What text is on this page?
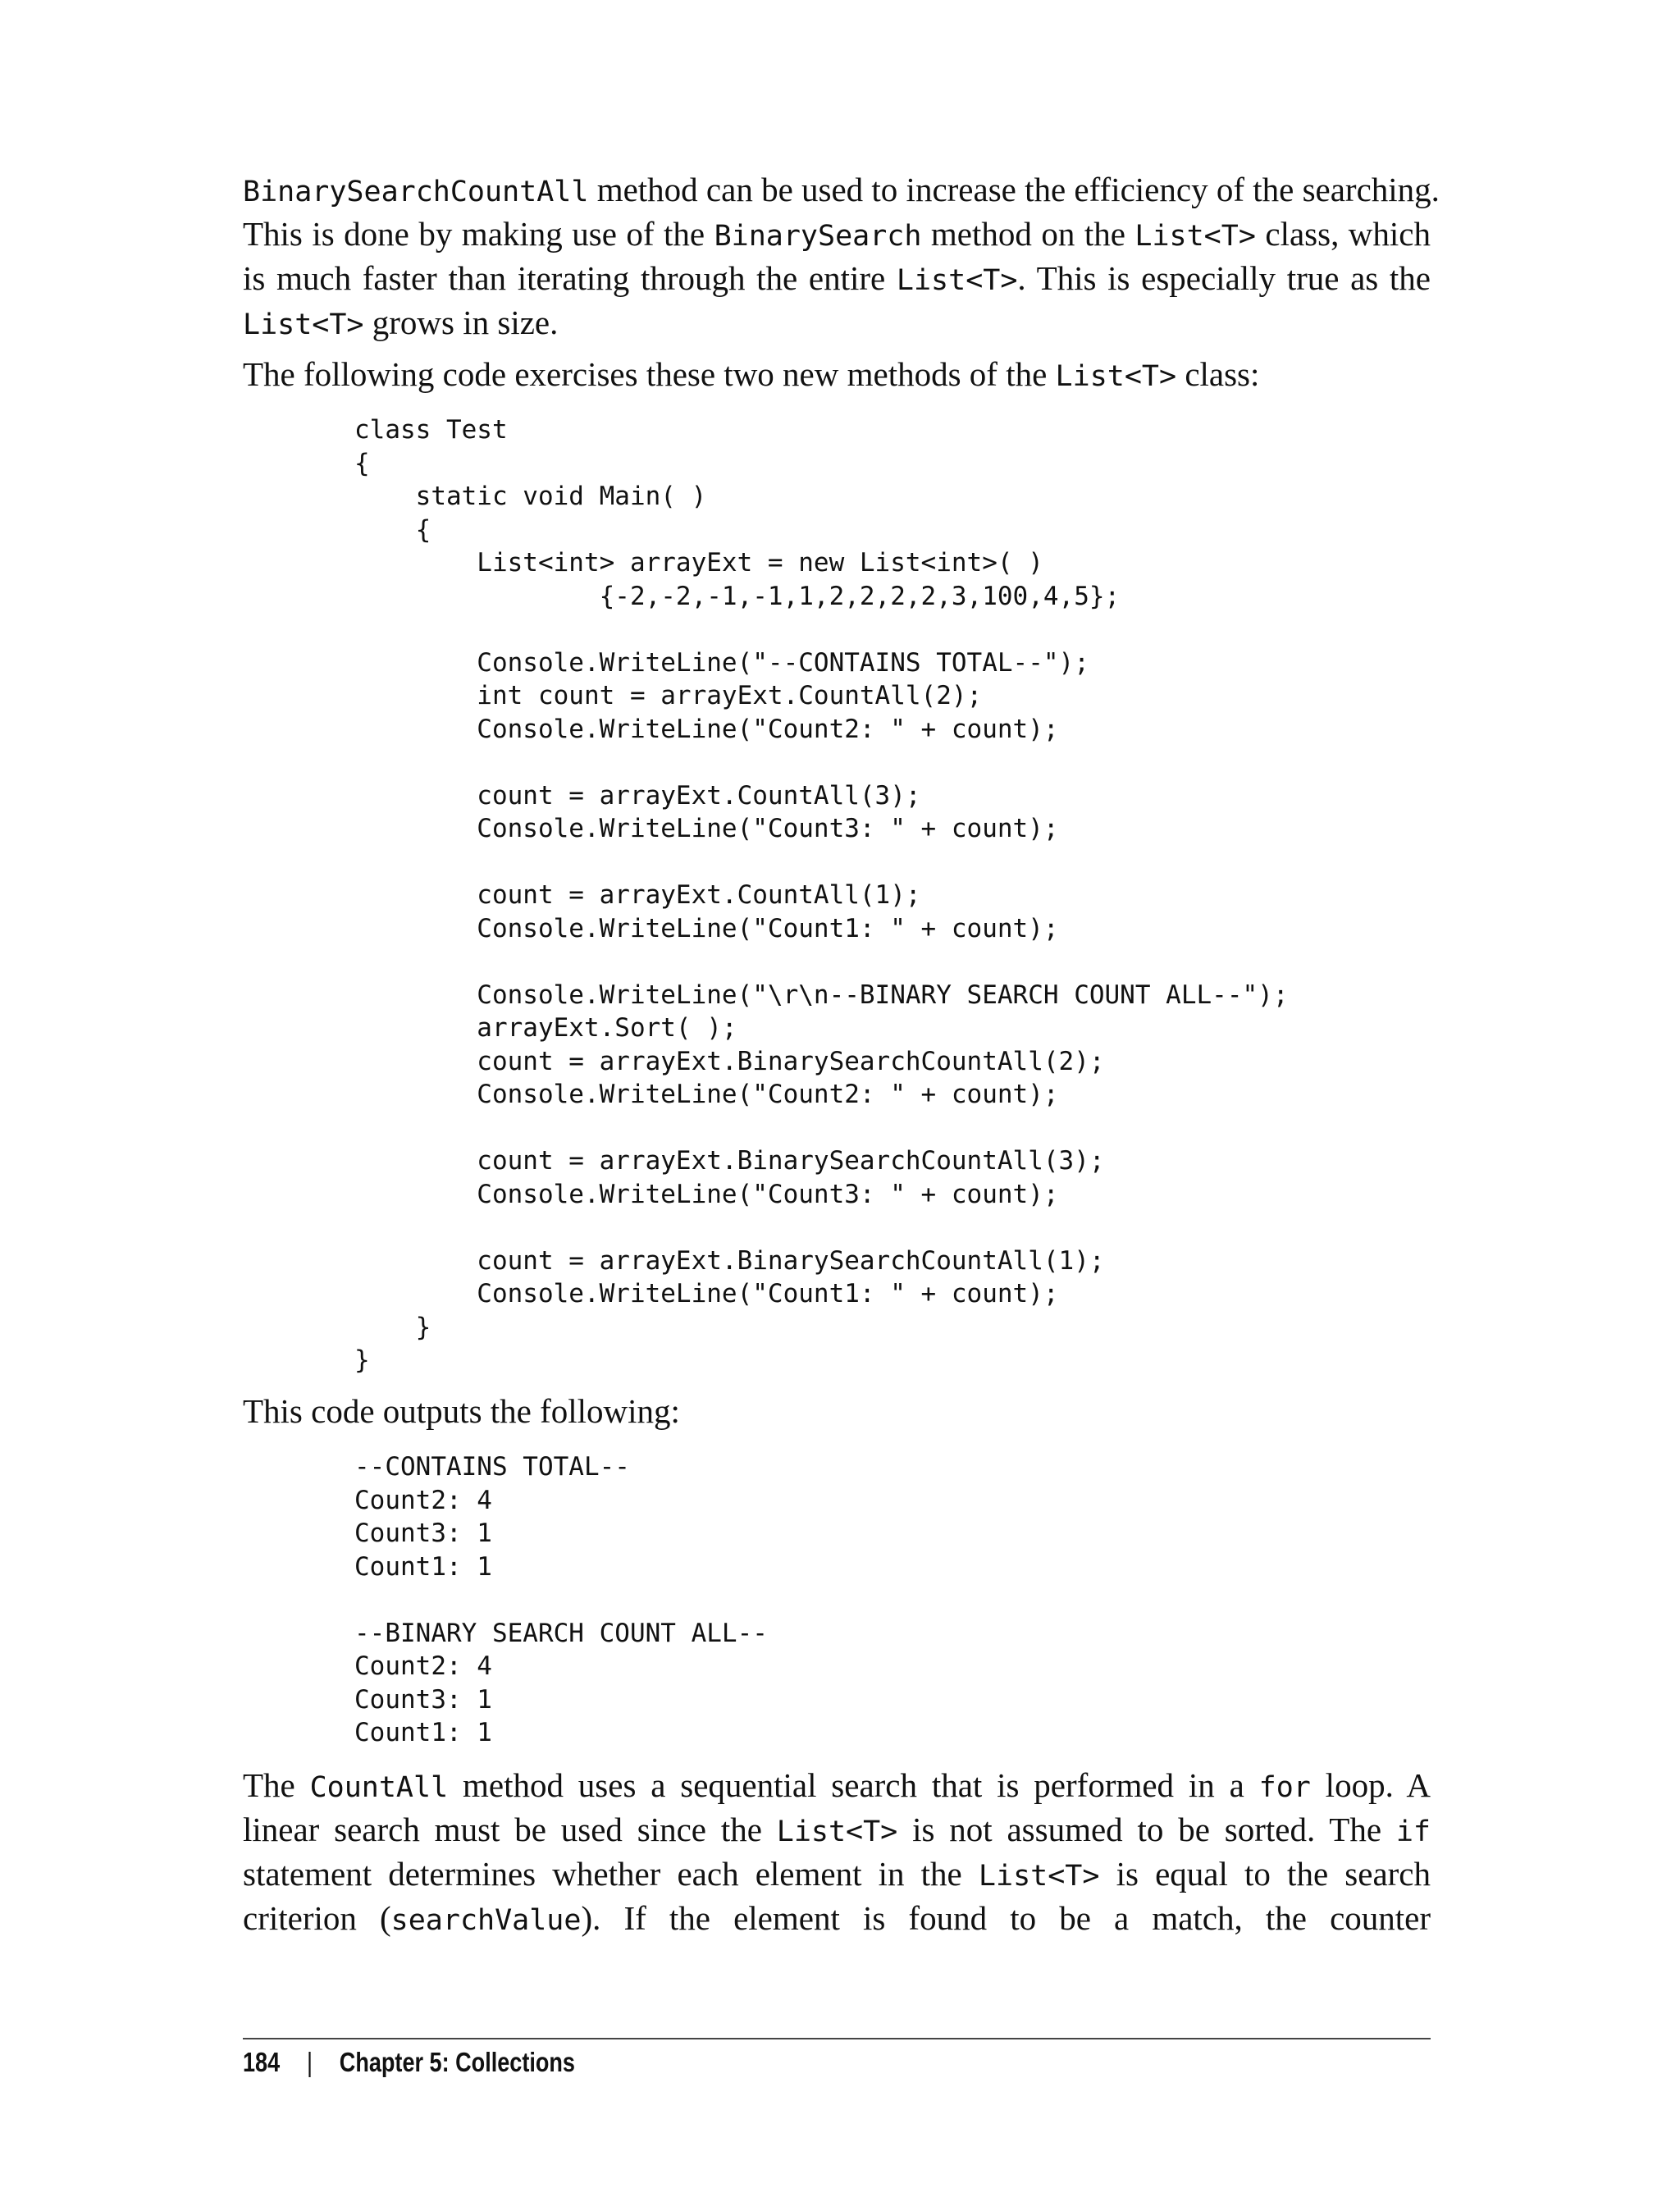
BinarySearchCountAll method can be used to increase the efficiency of the searching.
This is done by making use of the BinarySearch method on the List<T> class, which
is much faster than iterating through the entire List<T>. This is especially true as the
List<T> grows in size.
The following code exercises these two new methods of the List<T> class:
class Test
{
static void Main( )
{
List<int> arrayExt = new List<int>( )
{-2,-2,-1,-1,1,2,2,2,2,3,100,4,5};

Console.WriteLine("--CONTAINS TOTAL--");
int count = arrayExt.CountAll(2);
Console.WriteLine("Count2: " + count);

count = arrayExt.CountAll(3);
Console.WriteLine("Count3: " + count);

count = arrayExt.CountAll(1);
Console.WriteLine("Count1: " + count);

Console.WriteLine("\r\n--BINARY SEARCH COUNT ALL--");
arrayExt.Sort( );
count = arrayExt.BinarySearchCountAll(2);
Console.WriteLine("Count2: " + count);

count = arrayExt.BinarySearchCountAll(3);
Console.WriteLine("Count3: " + count);

count = arrayExt.BinarySearchCountAll(1);
Console.WriteLine("Count1: " + count);
}
}
This code outputs the following:
--CONTAINS TOTAL--
Count2: 4
Count3: 1
Count1: 1

--BINARY SEARCH COUNT ALL--
Count2: 4
Count3: 1
Count1: 1
The CountAll method uses a sequential search that is performed in a for loop. A
linear search must be used since the List<T> is not assumed to be sorted. The if
statement determines whether each element in the List<T> is equal to the search
criterion (searchValue). If the element is found to be a match, the counter
184 | Chapter 5: Collections
